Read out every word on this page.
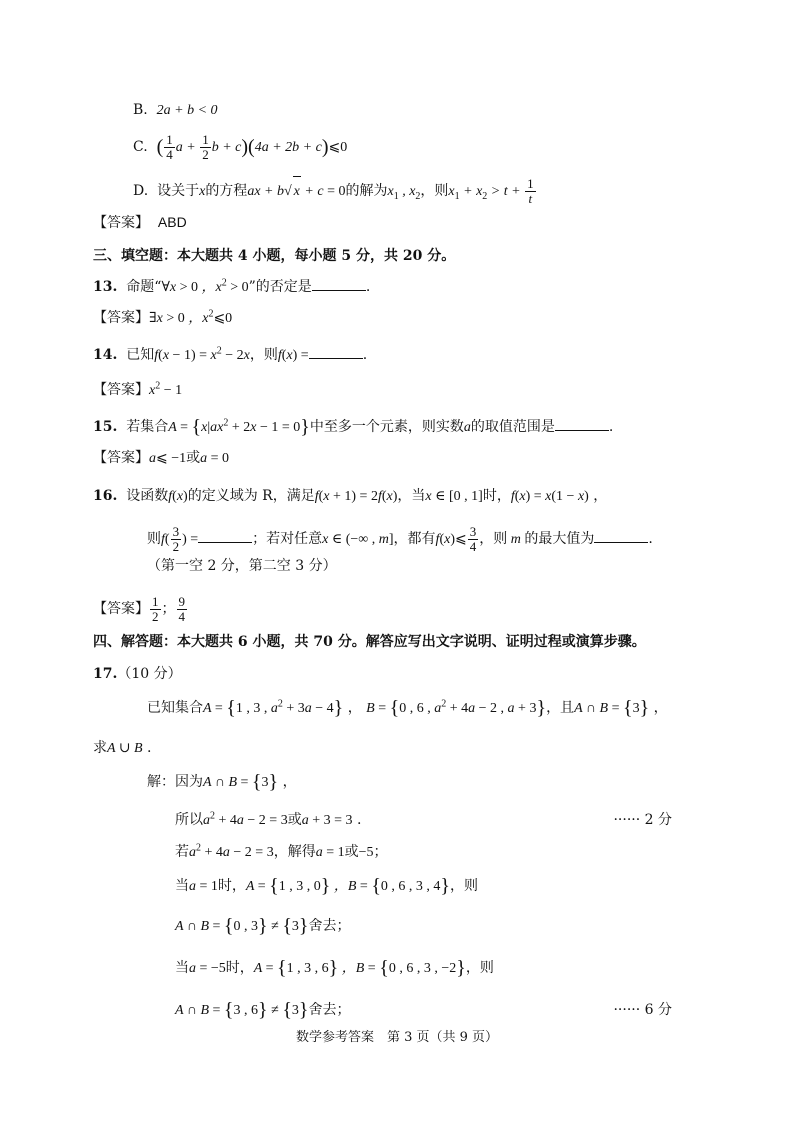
B. 2a + b < 0
C. ( $\frac{1}{4}$ $a + \frac{1}{2}$ b + c)(4a + 2b + c)⩽0
D. 设关于x的方程ax + b√ x + c = 0的解为$x_1$ , $x_2$，则$x_1 + x_2 > t + \frac{1}{t}$
【答案】 ABD
三、填空题：本大题共 4 小题，每小题 5 分，共 20 分。
13. 命题“∀x > 0 ，$x^2 > 0$”的否定是	.
【答案】∃x > 0 ，$x^2⩽0$
14. 已知$f(x - 1) = x^2 - 2x$，则f(x) =	.
【答案】$x^2 - 1$
15. 若集合$A = \{x|ax^2 + 2x - 1 = 0\}$中至多一个元素，则实数a的取值范围是	.
【答案】a⩽ −1或a = 0
16. 设函数f(x)的定义域为 R，满足f(x + 1) = 2f(x)，当x ∈ [0 , 1]时，f(x) = x(1 − x) ，
则$f( \frac{3}{2}$ ) =	；若对任意x ∈ (−∞ , m]，都有f(x)⩽ $\frac{3}{4}$ ，则 m 的最大值为	.
（第一空 2 分，第二空 3 分）
【答案】 $\frac{1}{2}$ ； $\frac{9}{4}$
四、解答题：本大题共 6 小题，共 70 分。解答应写出文字说明、证明过程或演算步骤。
17.（10 分）
已知集合A = {1 , 3 , $a^2 + 3a - 4$} ， B = {0 , 6 , $a^2 + 4a - 2$ , a + 3}，且A ∩ B = {3} ，
求A ∪ B .
解：因为A ∩ B = {3} ，
所以$a^2 + 4a - 2 = 3$或a + 3 = 3 .	······ 2 分
若$a^2 + 4a - 2 = 3$，解得a = 1或−5；
当a = 1时，A = {1 , 3 , 0} ，B = {0 , 6 , 3 , 4}，则
A ∩ B = {0 , 3} ≠ {3}舍去；
当a = −5时，A = {1 , 3 , 6} ，B = {0 , 6 , 3 , −2}，则
A ∩ B = {3 , 6} ≠ {3}舍去；	······ 6 分
数学参考答案　第 3 页（共 9 页）
